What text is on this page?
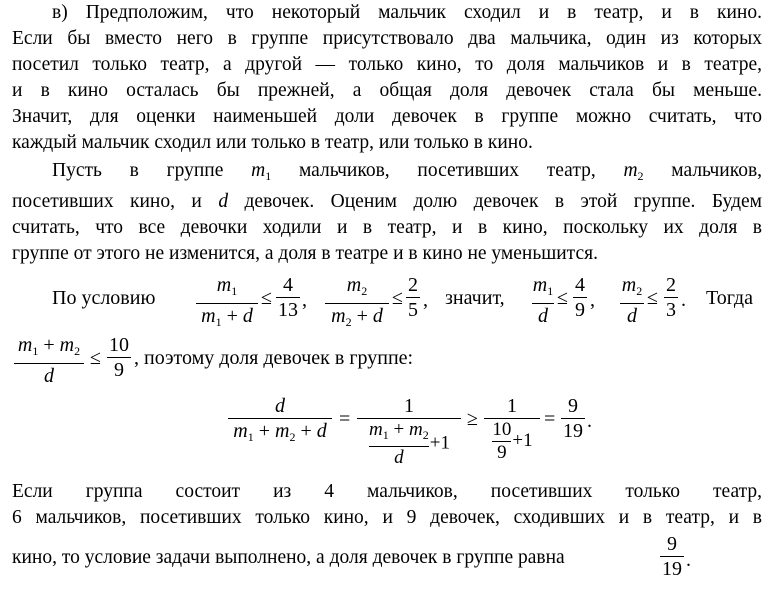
в) Предположим, что некоторый мальчик сходил и в театр, и в кино.
Если бы вместо него в группе присутствовало два мальчика, один из которых
посетил только театр, а другой — только кино, то доля мальчиков и в театре,
и в кино осталась бы прежней, а общая доля девочек стала бы меньше.
Значит, для оценки наименьшей доли девочек в группе можно считать, что
каждый мальчик сходил или только в театр, или только в кино.
Пусть в группе $m_1$ мальчиков, посетивших театр, $m_2$ мальчиков,
посетивших кино, и d девочек. Оценим долю девочек в этой группе. Будем
считать, что все девочки ходили и в театр, и в кино, поскольку их доля в
группе от этого не изменится, а доля в театре и в кино не уменьшится.
По условию
$m_1$
$m_1 + d$
≤
4
13 ,
$m_2$
$m_2 + d$
≤
2
5 , значит,
$m_1$
d
≤
4
9 ,
$m_2$
d
≤
2
3 . Тогда
$m_1 + m_2$
d
≤
10
9
, поэтому доля девочек в группе:
d
$m_1 + m_2 + d$
=
1
$\frac{m_1 + m_2}{d} +1$
≥
1
$\frac{10}{9} +1$
=
9
19 .
Если группа состоит из 4 мальчиков, посетивших только театр,
6 мальчиков, посетивших только кино, и 9 девочек, сходивших и в театр, и в
кино, то условие задачи выполнено, а доля девочек в группе равна
9
19 .
